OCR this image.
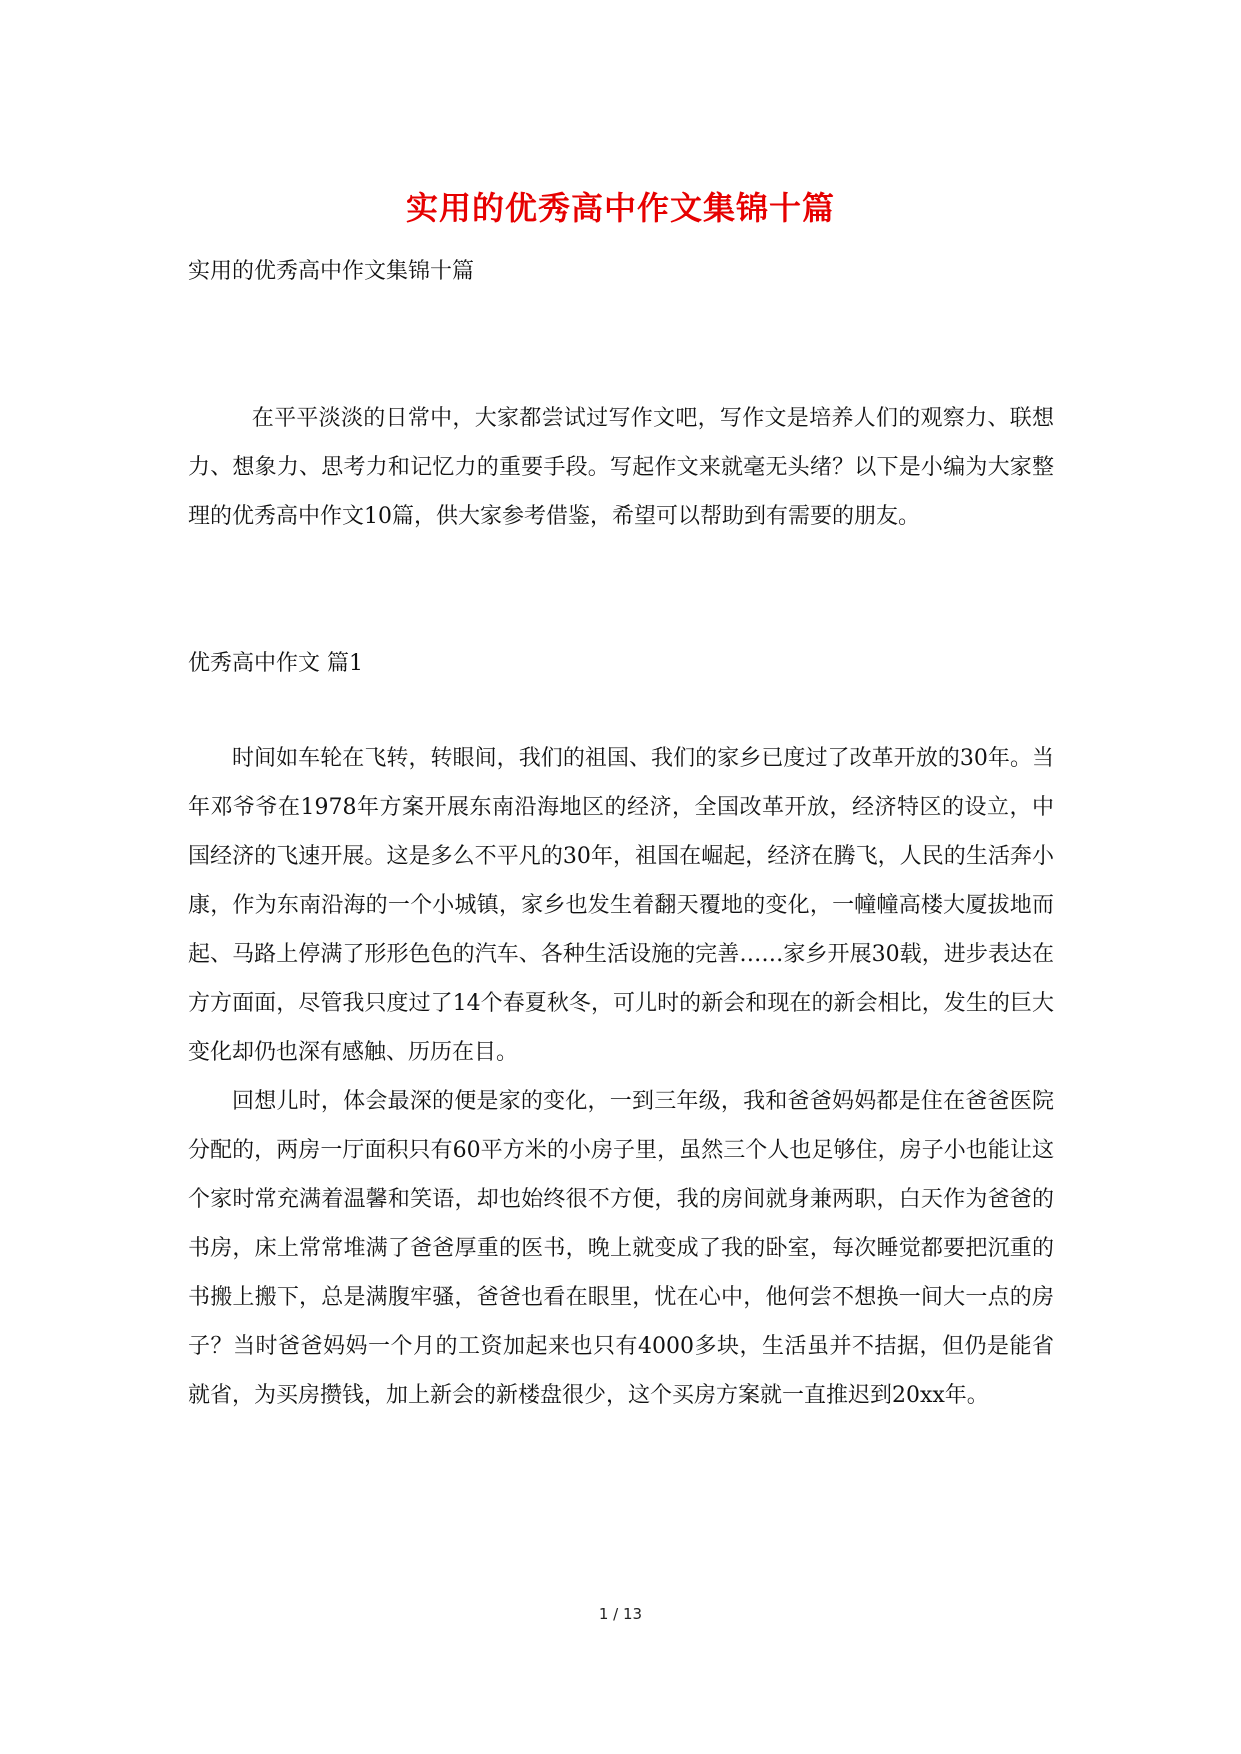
实用的优秀高中作文集锦十篇
实用的优秀高中作文集锦十篇

在平平淡淡的日常中，大家都尝试过写作文吧，写作文是培养人们的观察力、联想力、想象力、思考力和记忆力的重要手段。写起作文来就毫无头绪？以下是小编为大家整理的优秀高中作文10篇，供大家参考借鉴，希望可以帮助到有需要的朋友。

优秀高中作文 篇1

时间如车轮在飞转，转眼间，我们的祖国、我们的家乡已度过了改革开放的30年。当年邓爷爷在1978年方案开展东南沿海地区的经济，全国改革开放，经济特区的设立，中国经济的飞速开展。这是多么不平凡的30年，祖国在崛起，经济在腾飞，人民的生活奔小康，作为东南沿海的一个小城镇，家乡也发生着翻天覆地的变化，一幢幢高楼大厦拔地而起、马路上停满了形形色色的汽车、各种生活设施的完善……家乡开展30载，进步表达在方方面面，尽管我只度过了14个春夏秋冬，可儿时的新会和现在的新会相比，发生的巨大变化却仍也深有感触、历历在目。

回想儿时，体会最深的便是家的变化，一到三年级，我和爸爸妈妈都是住在爸爸医院分配的，两房一厅面积只有60平方米的小房子里，虽然三个人也足够住，房子小也能让这个家时常充满着温馨和笑语，却也始终很不方便，我的房间就身兼两职，白天作为爸爸的书房，床上常常堆满了爸爸厚重的医书，晚上就变成了我的卧室，每次睡觉都要把沉重的书搬上搬下，总是满腹牢骚，爸爸也看在眼里，忧在心中，他何尝不想换一间大一点的房子？当时爸爸妈妈一个月的工资加起来也只有4000多块，生活虽并不拮据，但仍是能省就省，为买房攒钱，加上新会的新楼盘很少，这个买房方案就一直推迟到20xx年。

1 / 13
